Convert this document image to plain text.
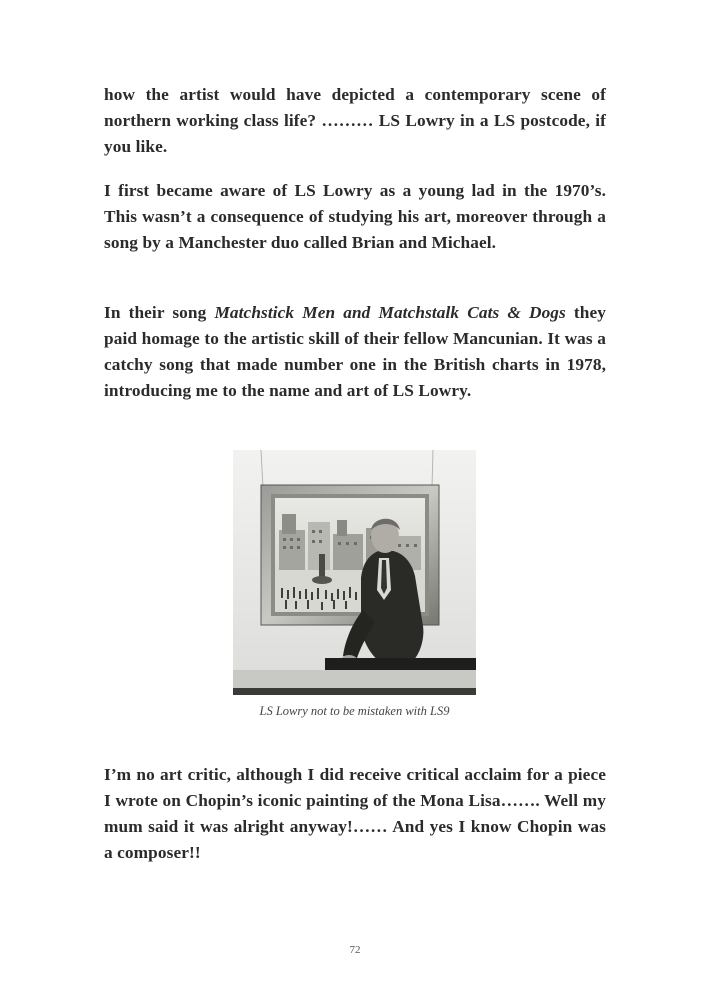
how the artist would have depicted a contemporary scene of northern working class life? ……… LS Lowry in a LS postcode, if you like.

I first became aware of LS Lowry as a young lad in the 1970’s. This wasn’t a consequence of studying his art, moreover through a song by a Manchester duo called Brian and Michael.

In their song Matchstick Men and Matchstalk Cats & Dogs they paid homage to the artistic skill of their fellow Mancunian. It was a catchy song that made number one in the British charts in 1978, introducing me to the name and art of LS Lowry.

LS Lowry not to be mistaken with LS9

I’m no art critic, although I did receive critical acclaim for a piece I wrote on Chopin’s iconic painting of the Mona Lisa……. Well my mum said it was alright anyway!…… And yes I know Chopin was a composer!!

72
